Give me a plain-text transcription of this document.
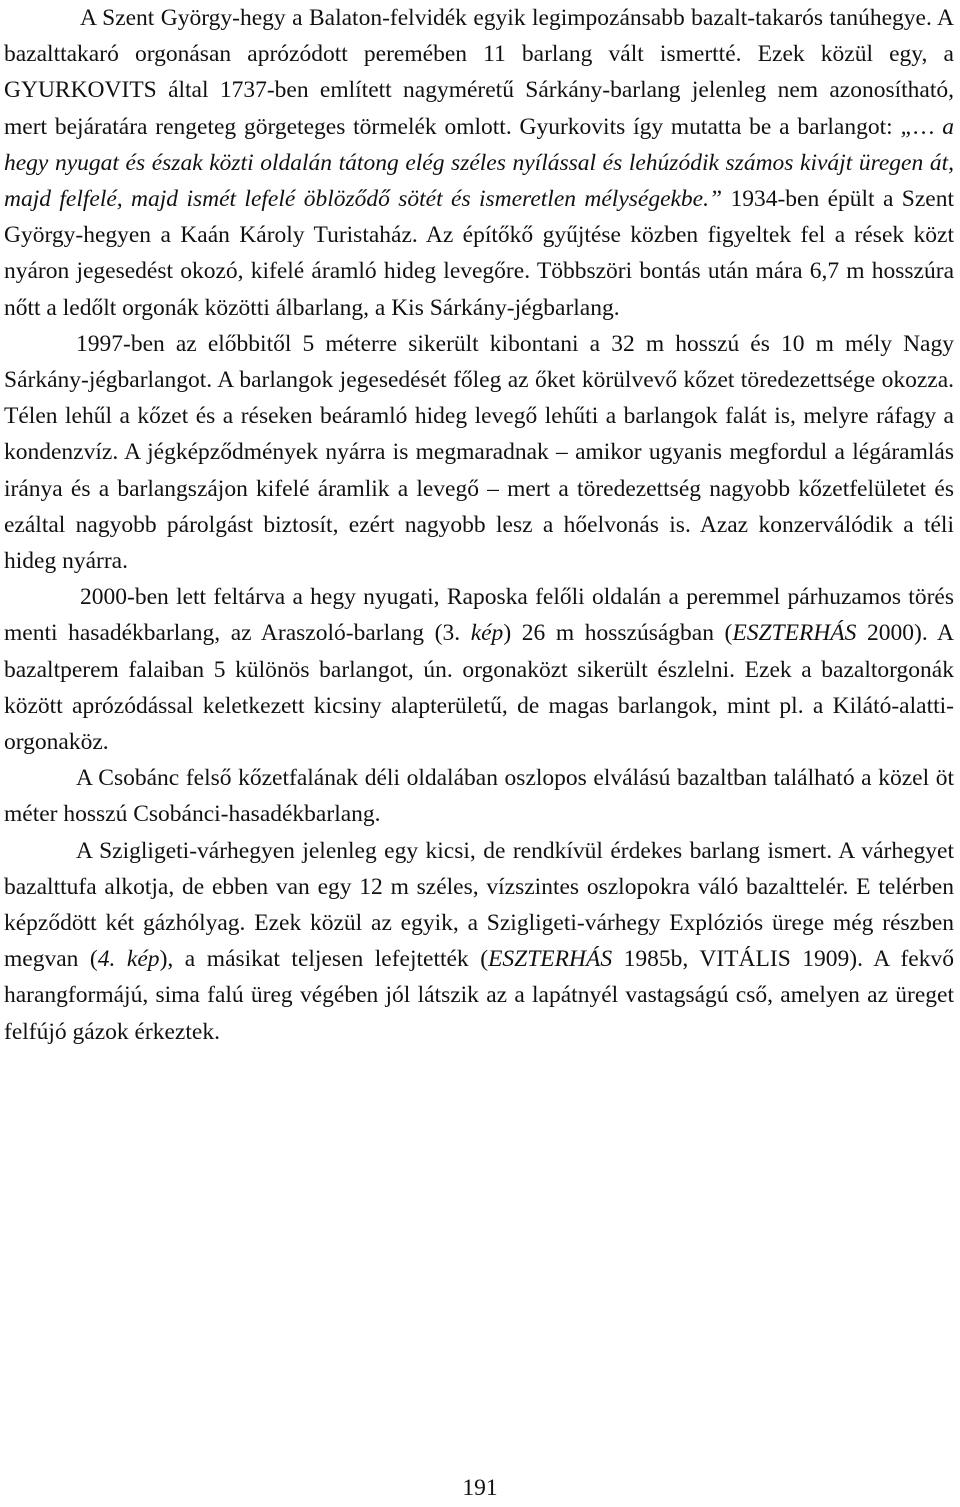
A Szent György-hegy a Balaton-felvidék egyik legimpozánsabb bazalt-takarós tanúhegye. A bazalttakaró orgonásan aprózódott peremében 11 barlang vált ismertté. Ezek közül egy, a GYURKOVITS által 1737-ben említett nagyméretű Sárkány-barlang jelenleg nem azonosítható, mert bejáratára rengeteg görgeteges törmelék omlott. Gyurkovits így mutatta be a barlangot: „… a hegy nyugat és észak közti oldalán tátong elég széles nyílással és lehúzódik számos kivájt üregen át, majd felfelé, majd ismét lefelé öblöződő sötét és ismeretlen mélységekbe.” 1934-ben épült a Szent György-hegyen a Kaán Károly Turistaház. Az építőkő gyűjtése közben figyeltek fel a rések közt nyáron jegesedést okozó, kifelé áramló hideg levegőre. Többszöri bontás után mára 6,7 m hosszúra nőtt a ledőlt orgonák közötti álbarlang, a Kis Sárkány-jégbarlang.

1997-ben az előbbitől 5 méterre sikerült kibontani a 32 m hosszú és 10 m mély Nagy Sárkány-jégbarlangot. A barlangok jegesedését főleg az őket körülvevő kőzet töredezettsége okozza. Télen lehűl a kőzet és a réseken beáramló hideg levegő lehűti a barlangok falát is, melyre ráfagy a kondenzvíz. A jégképződmények nyárra is megmaradnak – amikor ugyanis megfordul a légáramlás iránya és a barlangszájon kifelé áramlik a levegő – mert a töredezettség nagyobb kőzetfelületet és ezáltal nagyobb párolgást biztosít, ezért nagyobb lesz a hőelvonás is. Azaz konzerválódik a téli hideg nyárra.

2000-ben lett feltárva a hegy nyugati, Raposka felőli oldalán a peremmel párhuzamos törés menti hasadékbarlang, az Araszoló-barlang (3. kép) 26 m hosszúságban (ESZTERHÁS 2000). A bazaltperem falaiban 5 különös barlangot, ún. orgonaközt sikerült észlelni. Ezek a bazaltorgonák között aprózódással keletkezett kicsiny alapterületű, de magas barlangok, mint pl. a Kilátó-alatti-orgonaköz.

A Csobánc felső kőzetfalának déli oldalában oszlopos elválású bazaltban található a közel öt méter hosszú Csobánci-hasadékbarlang.

A Szigligeti-várhegyen jelenleg egy kicsi, de rendkívül érdekes barlang ismert. A várhegyet bazalttufa alkotja, de ebben van egy 12 m széles, vízszintes oszlopokra váló bazalttelér. E telérben képződött két gázhólyag. Ezek közül az egyik, a Szigligeti-várhegy Explóziós ürege még részben megvan (4. kép), a másikat teljesen lefejtették (ESZTERHÁS 1985b, VITÁLIS 1909). A fekvő harangformájú, sima falú üreg végében jól látszik az a lapátnyél vastagságú cső, amelyen az üreget felfújó gázok érkeztek.

191
